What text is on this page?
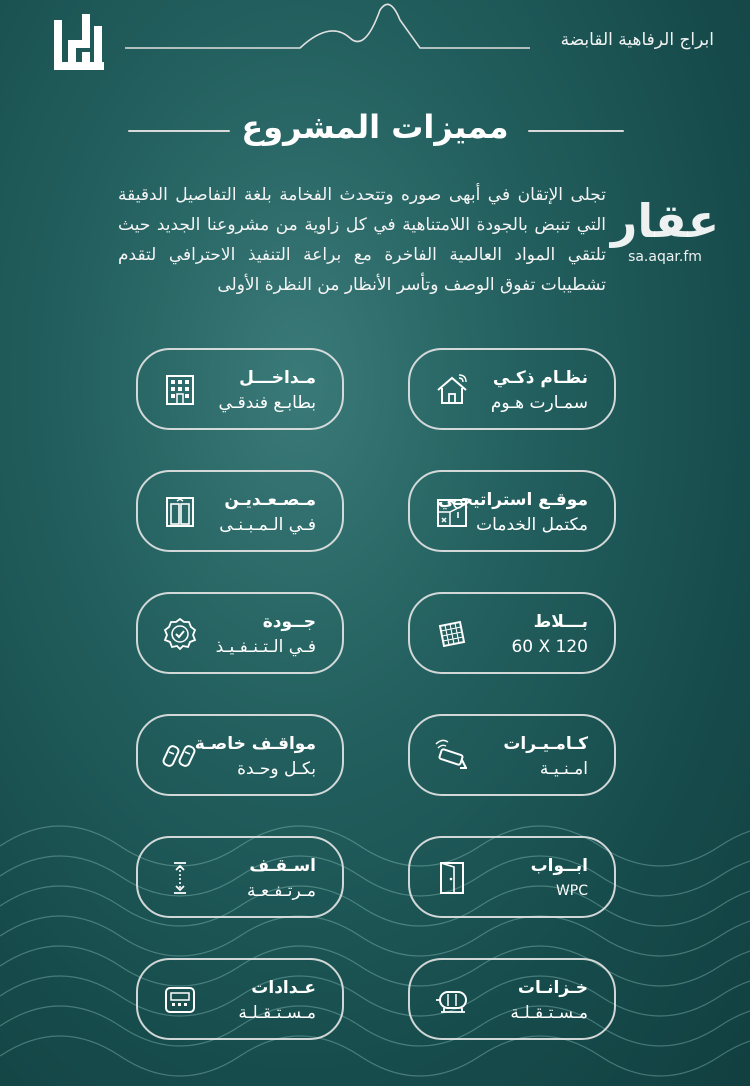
ابراج الرفاهية القابضة
مميزات المشروع
تجلى الإتقان في أبهى صوره وتتحدث الفخامة بلغة التفاصيل الدقيقة التي تنبض بالجودة اللامتناهية في كل زاوية من مشروعنا الجديد حيث تلتقي المواد العالمية الفاخرة مع براعة التنفيذ الاحترافي لتقدم تشطيبات تفوق الوصف وتأسر الأنظار من النظرة الأولى
عقار
sa.aqar.fm
نظـام ذكـي
سمـارت هـوم
مـداخـــل
بطابـع فندقـي
موقـع استراتيجـي
مكتمل الخدمات
مـصـعـديـن
فـي الـمـبـنـى
بـــلاط
60 X 120
جــودة
فـي الـتـنـفـيـذ
كـامـيـرات
امـنـيـة
مواقـف خاصـة
بكـل وحـدة
ابــواب
WPC
اسـقـف
مـرتـفـعـة
خـزانـات
مـسـتـقـلـة
عـدادات
مـسـتـقـلـة
